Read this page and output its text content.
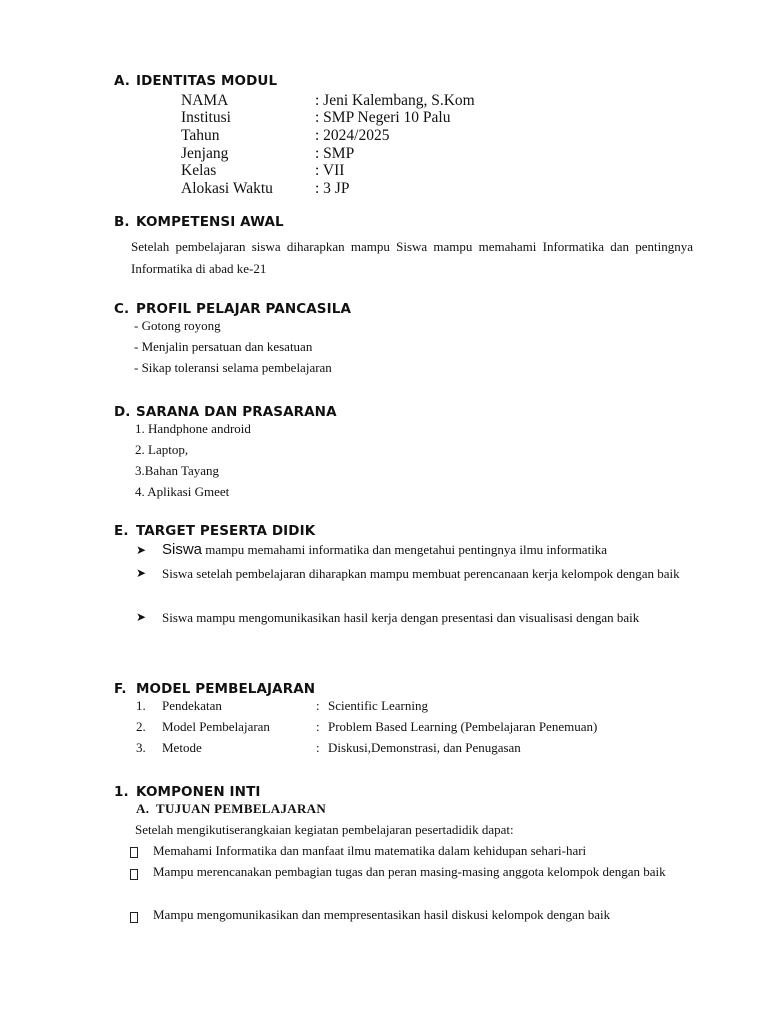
A. IDENTITAS MODUL
NAMA	: Jeni Kalembang, S.Kom
Institusi	: SMP Negeri 10 Palu
Tahun	: 2024/2025
Jenjang	: SMP
Kelas	: VII
Alokasi Waktu	: 3 JP
B. KOMPETENSI AWAL
Setelah pembelajaran siswa diharapkan mampu Siswa mampu memahami Informatika dan pentingnya Informatika di abad ke-21
C. PROFIL PELAJAR PANCASILA
- Gotong royong
- Menjalin persatuan dan kesatuan
- Sikap toleransi selama pembelajaran
D. SARANA DAN PRASARANA
1. Handphone android
2. Laptop,
3.Bahan Tayang
4. Aplikasi Gmeet
E. TARGET PESERTA DIDIK
➤ Siswa mampu memahami informatika dan mengetahui pentingnya ilmu informatika
➤ Siswa setelah pembelajaran diharapkan mampu membuat perencanaan kerja kelompok dengan baik
➤ Siswa mampu mengomunikasikan hasil kerja dengan presentasi dan visualisasi dengan baik
F. MODEL PEMBELAJARAN
1. Pendekatan	: Scientific Learning
2. Model Pembelajaran	: Problem Based Learning (Pembelajaran Penemuan)
3. Metode	: Diskusi,Demonstrasi, dan Penugasan
1. KOMPONEN INTI
A. TUJUAN PEMBELAJARAN
Setelah mengikutiserangkaian kegiatan pembelajaran pesertadidik dapat:
Memahami Informatika dan manfaat ilmu matematika dalam kehidupan sehari-hari
Mampu merencanakan pembagian tugas dan peran masing-masing anggota kelompok dengan baik
Mampu mengomunikasikan dan mempresentasikan hasil diskusi kelompok dengan baik
